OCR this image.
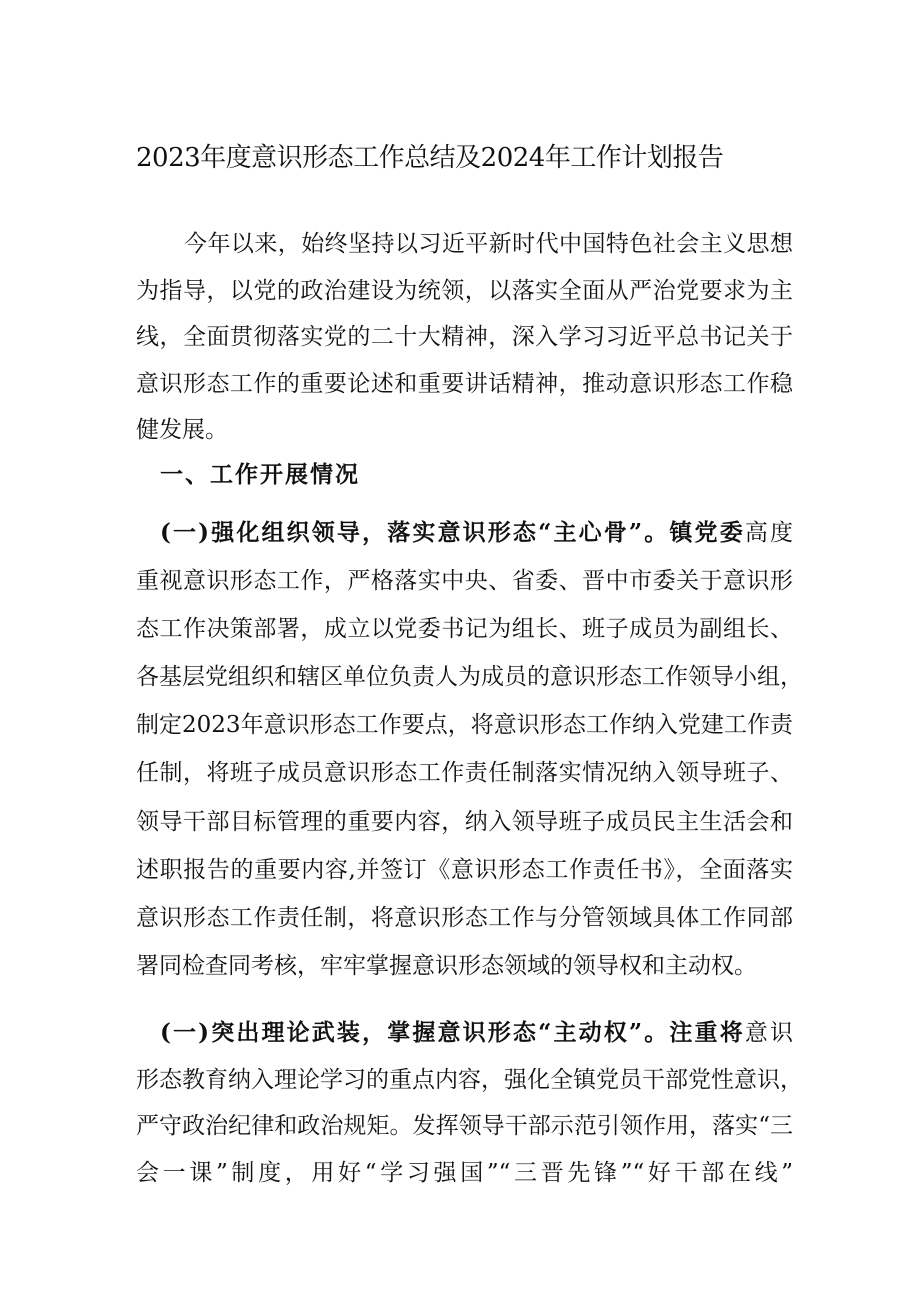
2023年度意识形态工作总结及2024年工作计划报告
今年以来，始终坚持以习近平新时代中国特色社会主义思想
为指导，以党的政治建设为统领，以落实全面从严治党要求为主
线，全面贯彻落实党的二十大精神，深入学习习近平总书记关于
意识形态工作的重要论述和重要讲话精神，推动意识形态工作稳
健发展。
一、工作开展情况
(一)强化组织领导，落实意识形态“主心骨”。镇党委高度
重视意识形态工作，严格落实中央、省委、晋中市委关于意识形
态工作决策部署，成立以党委书记为组长、班子成员为副组长、
各基层党组织和辖区单位负责人为成员的意识形态工作领导小组，
制定2023年意识形态工作要点，将意识形态工作纳入党建工作责
任制，将班子成员意识形态工作责任制落实情况纳入领导班子、
领导干部目标管理的重要内容，纳入领导班子成员民主生活会和
述职报告的重要内容,并签订《意识形态工作责任书》，全面落实
意识形态工作责任制，将意识形态工作与分管领域具体工作同部
署同检查同考核，牢牢掌握意识形态领域的领导权和主动权。
(一)突出理论武装，掌握意识形态“主动权”。注重将意识
形态教育纳入理论学习的重点内容，强化全镇党员干部党性意识，
严守政治纪律和政治规矩。发挥领导干部示范引领作用，落实“三
会一课”制度，用好“学习强国”“三晋先锋”“好干部在线”
